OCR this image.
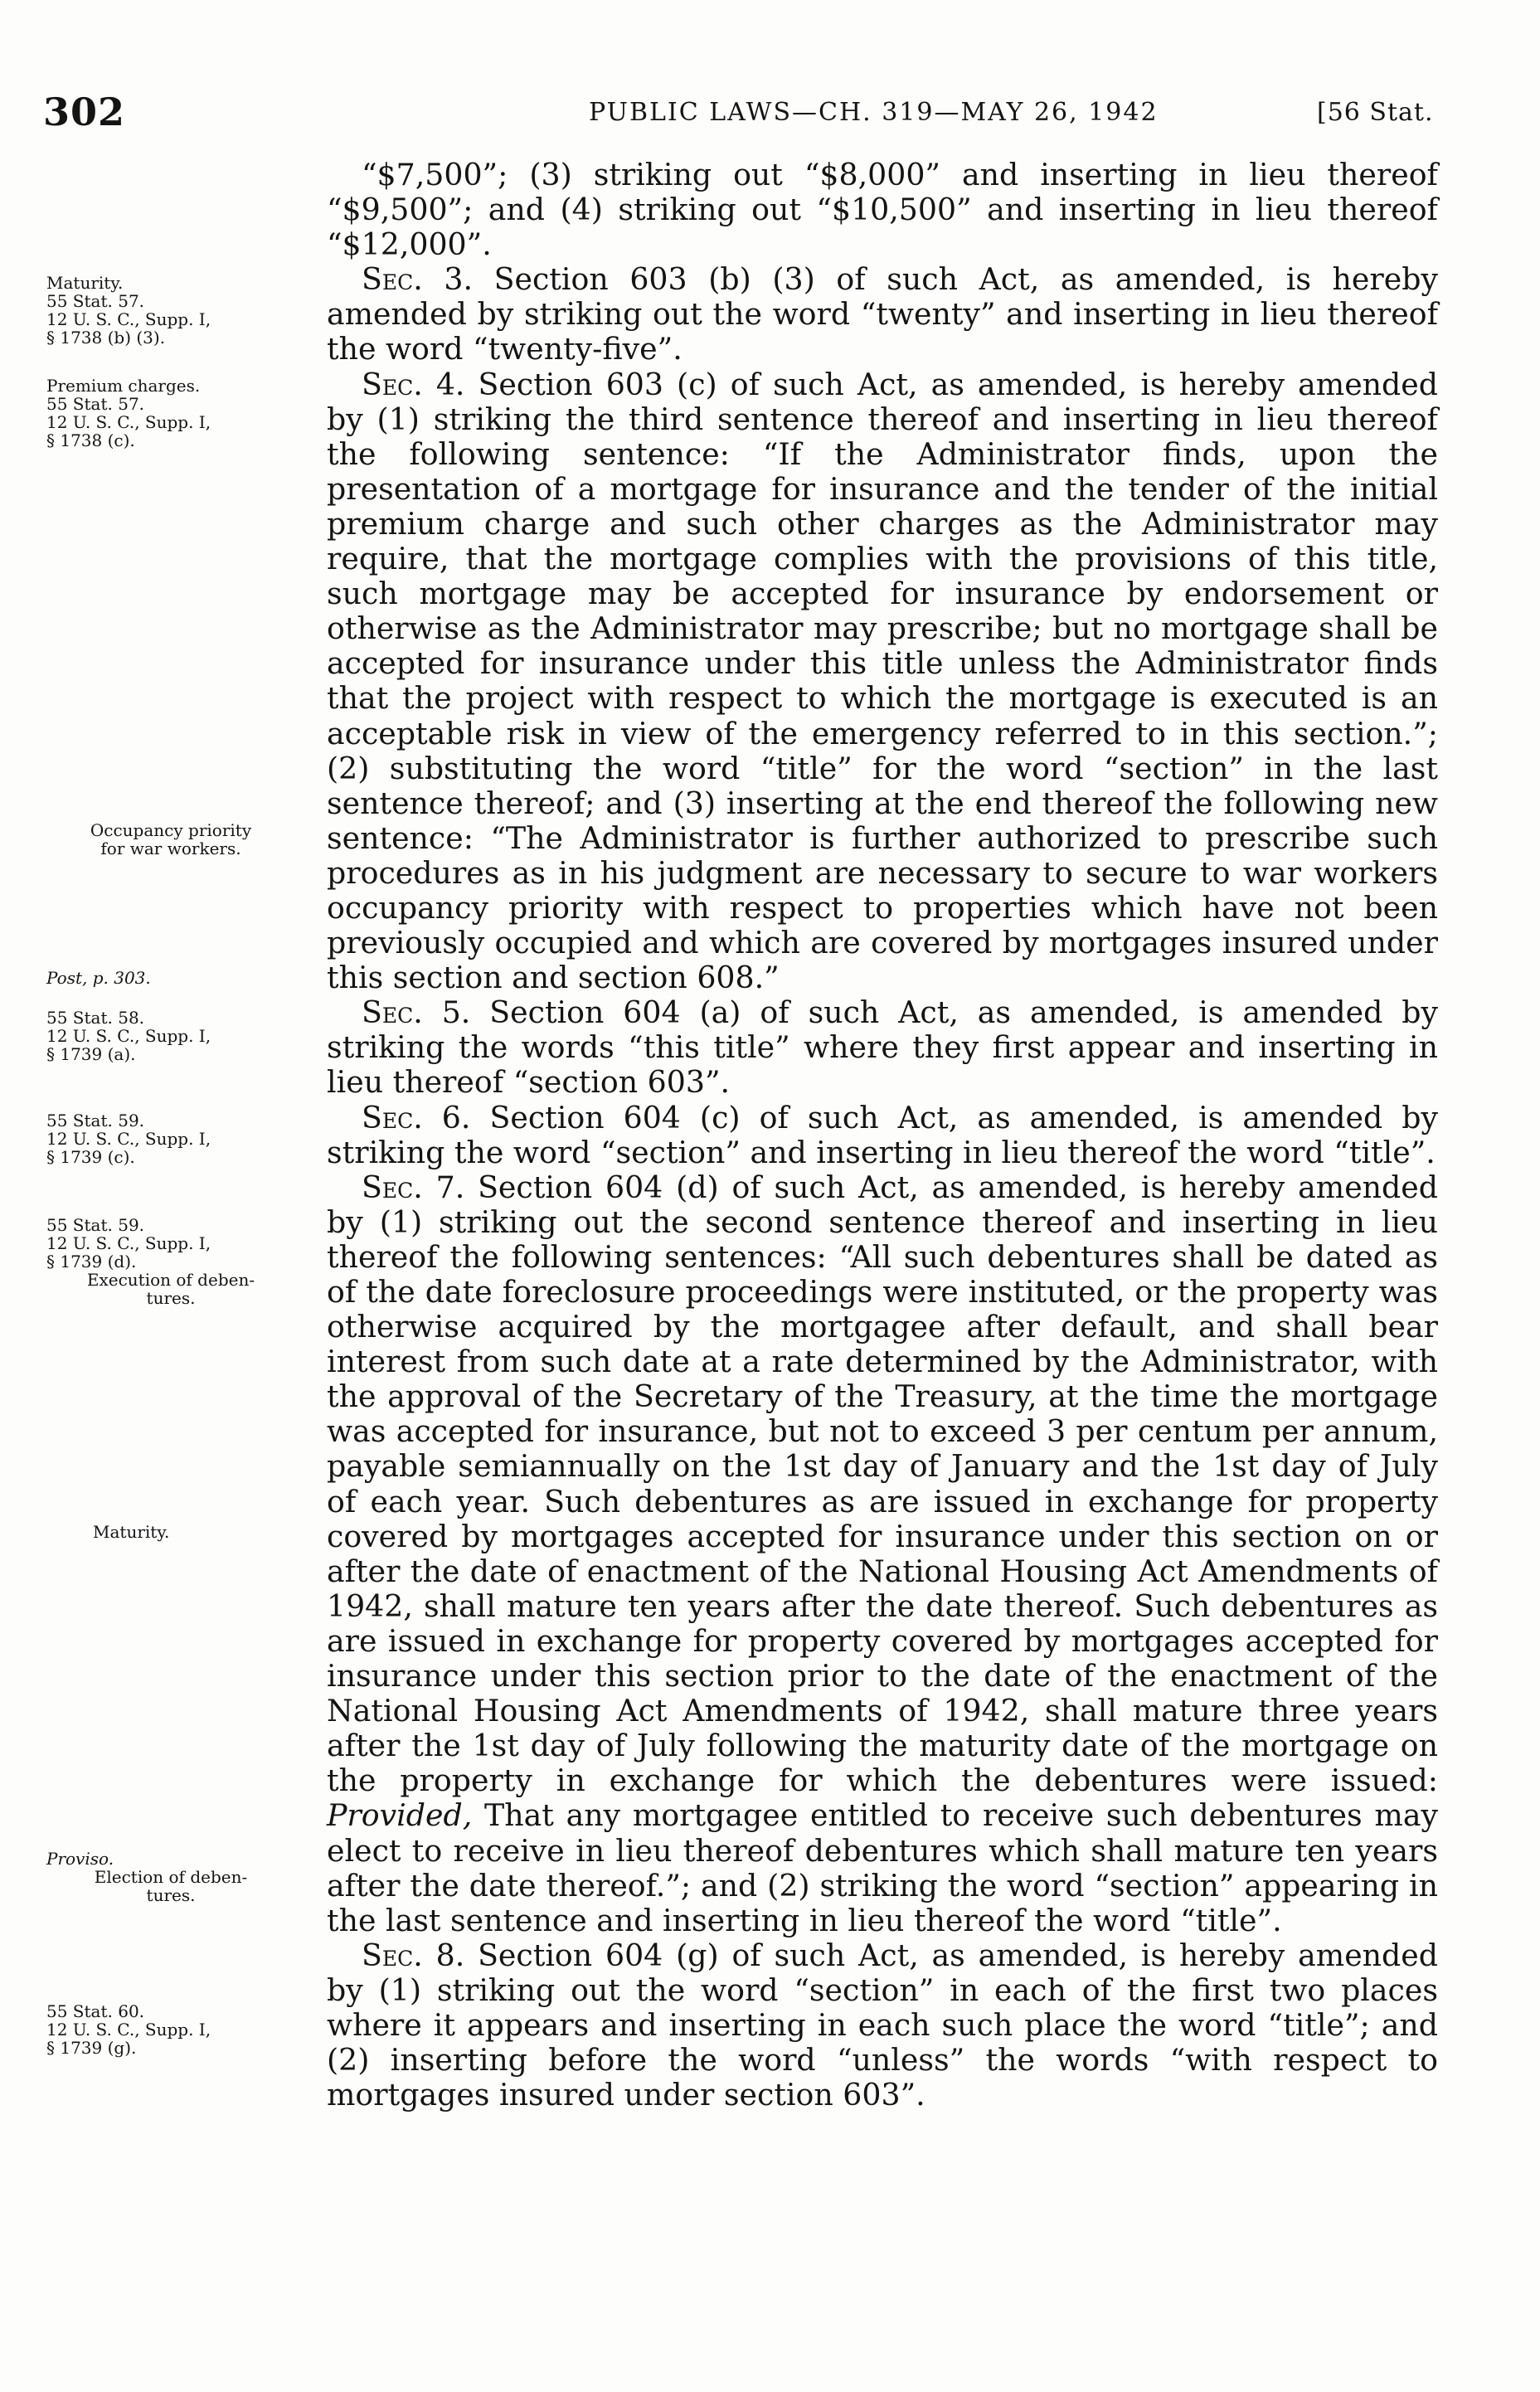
302	PUBLIC LAWS—CH. 319—MAY 26, 1942	[56 Stat.
Maturity.
55 Stat. 57.
12 U. S. C., Supp. I,
§ 1738 (b) (3).
Premium charges.
55 Stat. 57.
12 U. S. C., Supp. I,
§ 1738 (c).
Occupancy priority
for war workers.
Post, p. 303.
55 Stat. 58.
12 U. S. C., Supp. I,
§ 1739 (a).
55 Stat. 59.
12 U. S. C., Supp. I,
§ 1739 (c).
55 Stat. 59.
12 U. S. C., Supp. I,
§ 1739 (d).
Execution of deben-
tures.
Maturity.
Proviso.
Election of deben-
tures.
55 Stat. 60.
12 U. S. C., Supp. I,
§ 1739 (g).

“$7,500”; (3) striking out “$8,000” and inserting in lieu thereof “$9,500”; and (4) striking out “$10,500” and inserting in lieu thereof “$12,000”.

Sec. 3. Section 603 (b) (3) of such Act, as amended, is hereby amended by striking out the word “twenty” and inserting in lieu thereof the word “twenty-five”.

Sec. 4. Section 603 (c) of such Act, as amended, is hereby amended by (1) striking the third sentence thereof and inserting in lieu thereof the following sentence: “If the Administrator finds, upon the presentation of a mortgage for insurance and the tender of the initial premium charge and such other charges as the Administrator may require, that the mortgage complies with the provisions of this title, such mortgage may be accepted for insurance by endorsement or otherwise as the Administrator may prescribe; but no mortgage shall be accepted for insurance under this title unless the Administrator finds that the project with respect to which the mortgage is executed is an acceptable risk in view of the emergency referred to in this section.”; (2) substituting the word “title” for the word “section” in the last sentence thereof; and (3) inserting at the end thereof the following new sentence: “The Administrator is further authorized to prescribe such procedures as in his judgment are necessary to secure to war workers occupancy priority with respect to properties which have not been previously occupied and which are covered by mortgages insured under this section and section 608.”

Sec. 5. Section 604 (a) of such Act, as amended, is amended by striking the words “this title” where they first appear and inserting in lieu thereof “section 603”.

Sec. 6. Section 604 (c) of such Act, as amended, is amended by striking the word “section” and inserting in lieu thereof the word “title”.

Sec. 7. Section 604 (d) of such Act, as amended, is hereby amended by (1) striking out the second sentence thereof and inserting in lieu thereof the following sentences: “All such debentures shall be dated as of the date foreclosure proceedings were instituted, or the property was otherwise acquired by the mortgagee after default, and shall bear interest from such date at a rate determined by the Administrator, with the approval of the Secretary of the Treasury, at the time the mortgage was accepted for insurance, but not to exceed 3 per centum per annum, payable semiannually on the 1st day of January and the 1st day of July of each year. Such debentures as are issued in exchange for property covered by mortgages accepted for insurance under this section on or after the date of enactment of the National Housing Act Amendments of 1942, shall mature ten years after the date thereof. Such debentures as are issued in exchange for property covered by mortgages accepted for insurance under this section prior to the date of the enactment of the National Housing Act Amendments of 1942, shall mature three years after the 1st day of July following the maturity date of the mortgage on the property in exchange for which the debentures were issued: Provided, That any mortgagee entitled to receive such debentures may elect to receive in lieu thereof debentures which shall mature ten years after the date thereof.”; and (2) striking the word “section” appearing in the last sentence and inserting in lieu thereof the word “title”.

Sec. 8. Section 604 (g) of such Act, as amended, is hereby amended by (1) striking out the word “section” in each of the first two places where it appears and inserting in each such place the word “title”; and (2) inserting before the word “unless” the words “with respect to mortgages insured under section 603”.
